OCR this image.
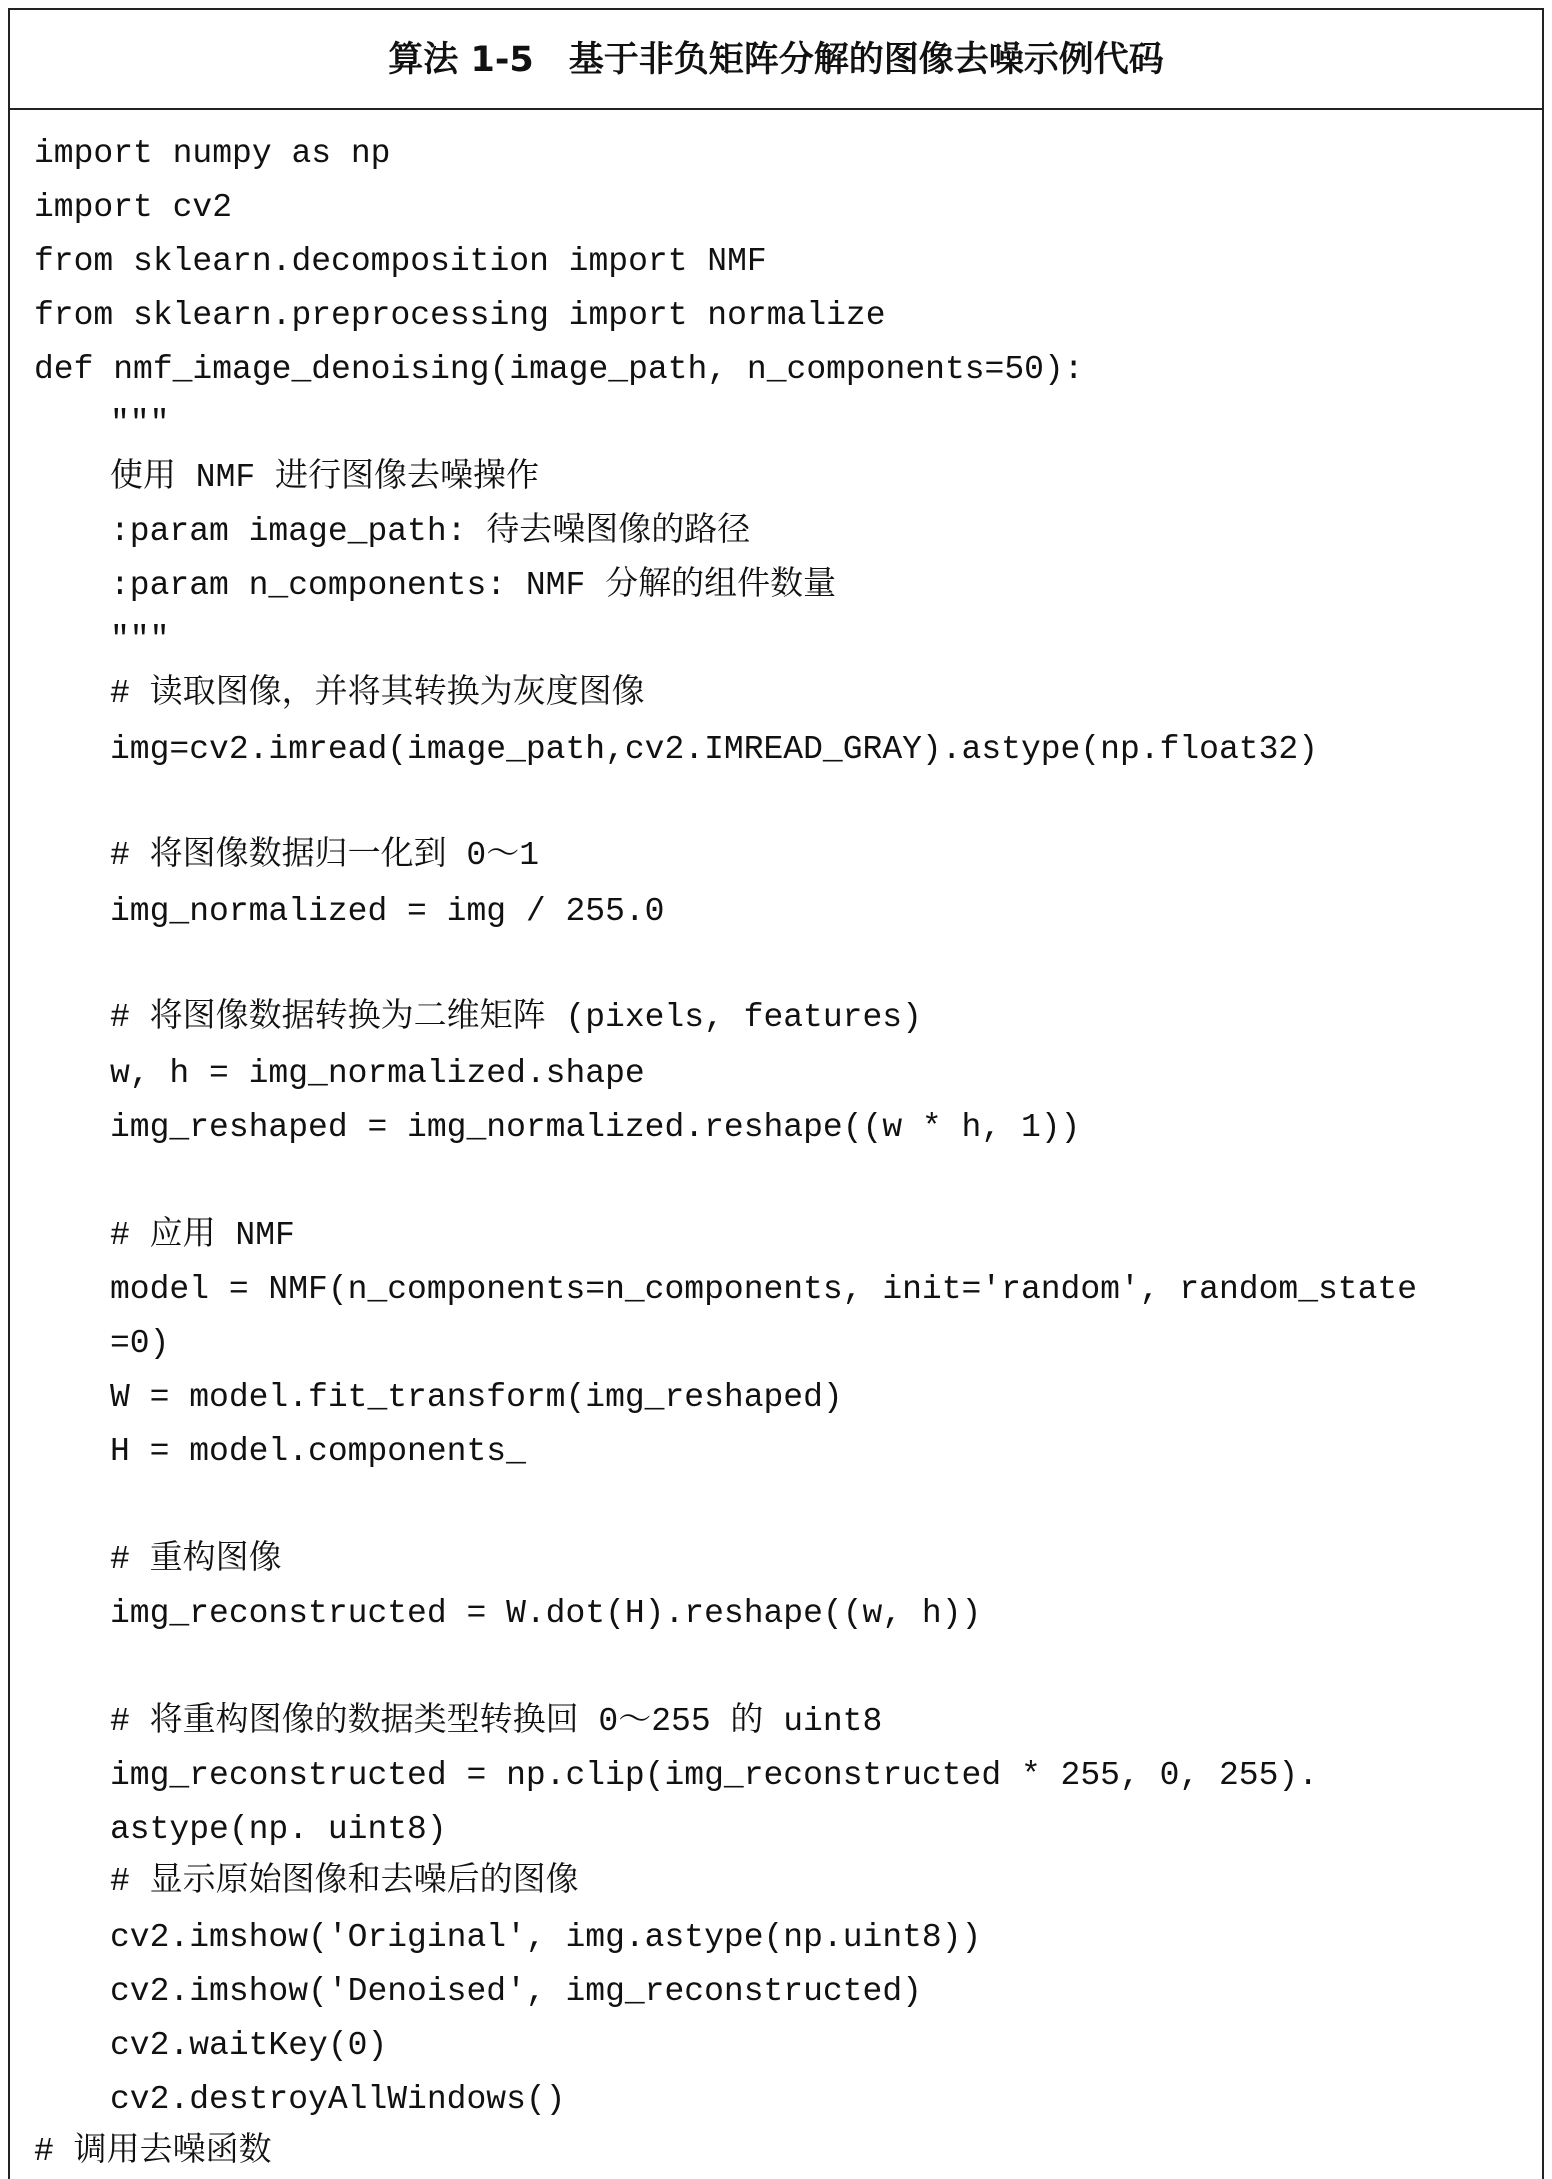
算法 1-5　基于非负矩阵分解的图像去噪示例代码
import numpy as np
import cv2
from sklearn.decomposition import NMF
from sklearn.preprocessing import normalize
def nmf_image_denoising(image_path, n_components=50):
"""
使用 NMF 进行图像去噪操作
:param image_path: 待去噪图像的路径
:param n_components: NMF 分解的组件数量
"""
# 读取图像，并将其转换为灰度图像
img=cv2.imread(image_path,cv2.IMREAD_GRAY).astype(np.float32)
# 将图像数据归一化到 0～1
img_normalized = img / 255.0
# 将图像数据转换为二维矩阵 (pixels, features)
w, h = img_normalized.shape
img_reshaped = img_normalized.reshape((w * h, 1))
# 应用 NMF
model = NMF(n_components=n_components, init='random', random_state
=0)
W = model.fit_transform(img_reshaped)
H = model.components_
# 重构图像
img_reconstructed = W.dot(H).reshape((w, h))
# 将重构图像的数据类型转换回 0～255 的 uint8
img_reconstructed = np.clip(img_reconstructed * 255, 0, 255).
astype(np. uint8)
# 显示原始图像和去噪后的图像
cv2.imshow('Original', img.astype(np.uint8))
cv2.imshow('Denoised', img_reconstructed)
cv2.waitKey(0)
cv2.destroyAllWindows()
# 调用去噪函数
